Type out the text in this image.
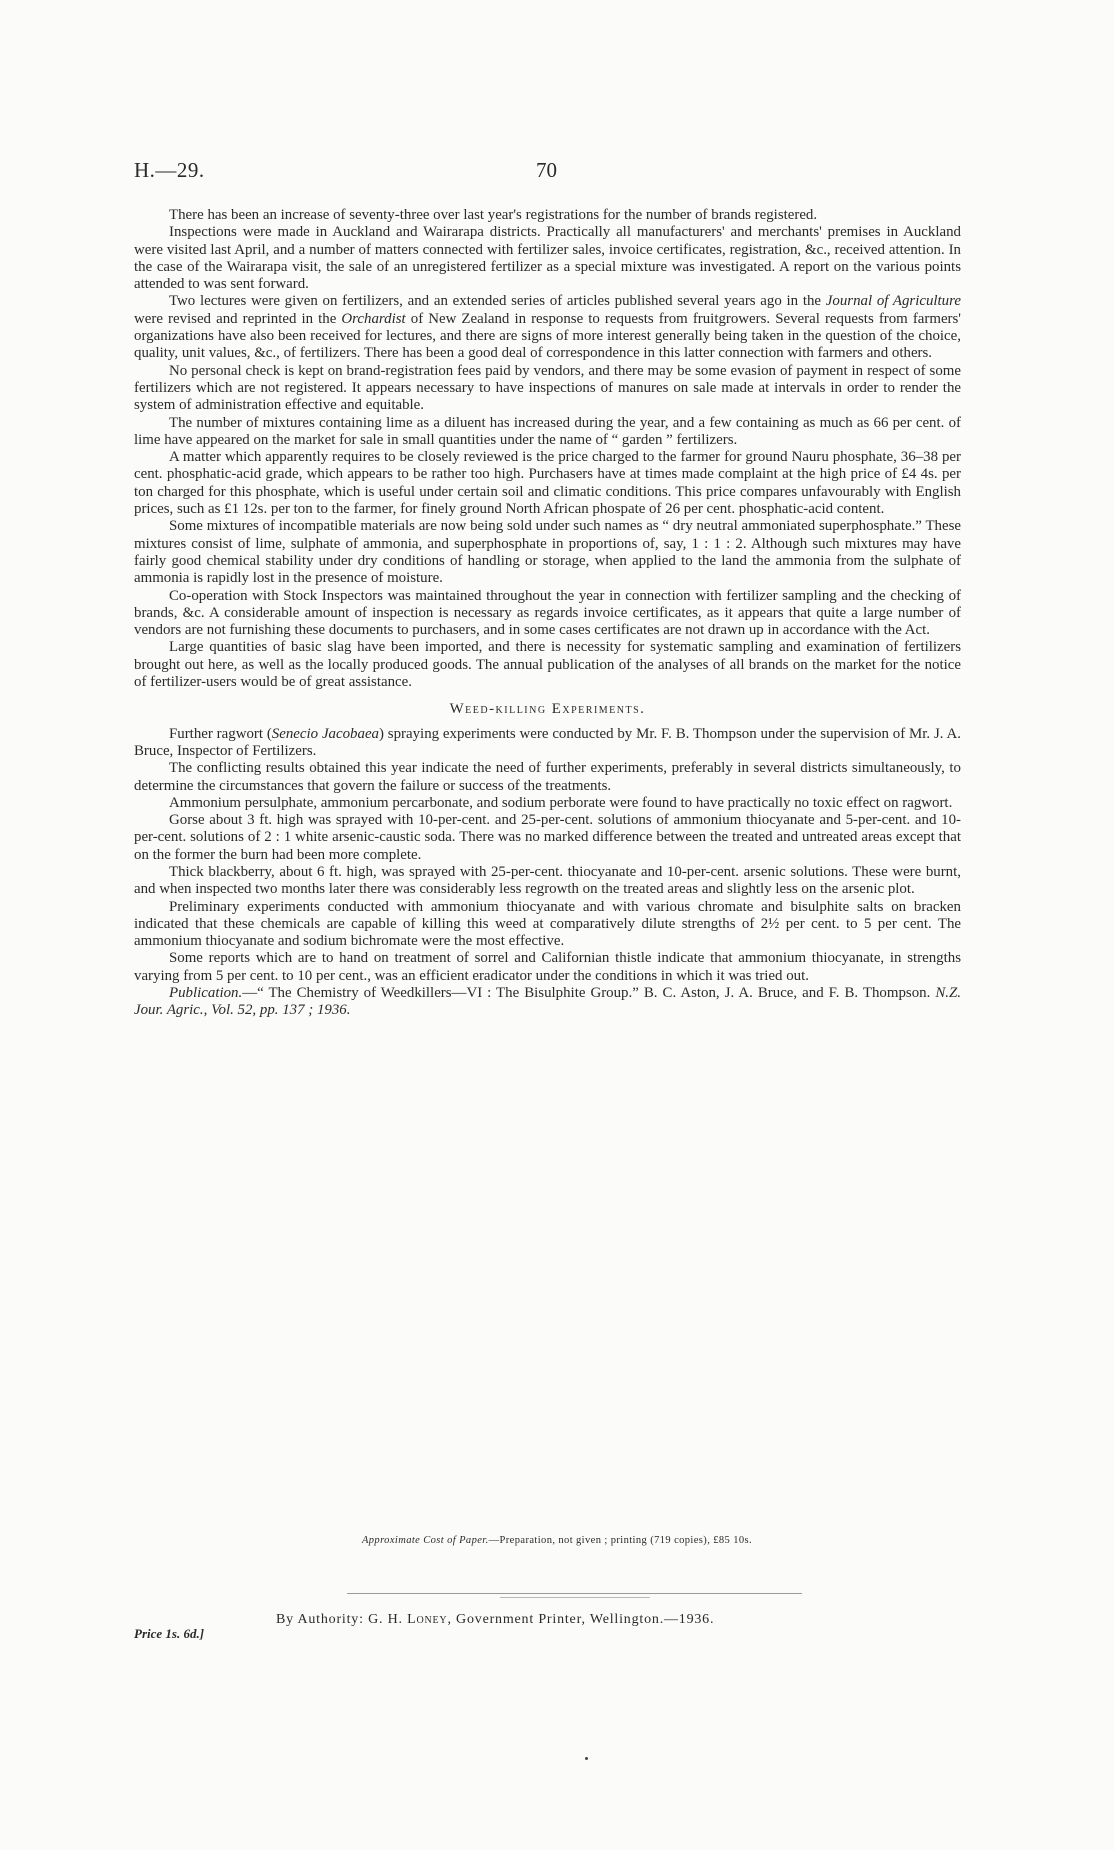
H.—29.	70

There has been an increase of seventy-three over last year's registrations for the number of brands registered.

Inspections were made in Auckland and Wairarapa districts. Practically all manufacturers' and merchants' premises in Auckland were visited last April, and a number of matters connected with fertilizer sales, invoice certificates, registration, &c., received attention. In the case of the Wairarapa visit, the sale of an unregistered fertilizer as a special mixture was investigated. A report on the various points attended to was sent forward.

Two lectures were given on fertilizers, and an extended series of articles published several years ago in the Journal of Agriculture were revised and reprinted in the Orchardist of New Zealand in response to requests from fruitgrowers. Several requests from farmers' organizations have also been received for lectures, and there are signs of more interest generally being taken in the question of the choice, quality, unit values, &c., of fertilizers. There has been a good deal of correspondence in this latter connection with farmers and others.

No personal check is kept on brand-registration fees paid by vendors, and there may be some evasion of payment in respect of some fertilizers which are not registered. It appears necessary to have inspections of manures on sale made at intervals in order to render the system of administration effective and equitable.

The number of mixtures containing lime as a diluent has increased during the year, and a few containing as much as 66 per cent. of lime have appeared on the market for sale in small quantities under the name of “ garden ” fertilizers.

A matter which apparently requires to be closely reviewed is the price charged to the farmer for ground Nauru phosphate, 36–38 per cent. phosphatic-acid grade, which appears to be rather too high. Purchasers have at times made complaint at the high price of £4 4s. per ton charged for this phosphate, which is useful under certain soil and climatic conditions. This price compares unfavourably with English prices, such as £1 12s. per ton to the farmer, for finely ground North African phospate of 26 per cent. phosphatic-acid content.

Some mixtures of incompatible materials are now being sold under such names as “ dry neutral ammoniated superphosphate.” These mixtures consist of lime, sulphate of ammonia, and superphosphate in proportions of, say, 1 : 1 : 2. Although such mixtures may have fairly good chemical stability under dry conditions of handling or storage, when applied to the land the ammonia from the sulphate of ammonia is rapidly lost in the presence of moisture.

Co-operation with Stock Inspectors was maintained throughout the year in connection with fertilizer sampling and the checking of brands, &c. A considerable amount of inspection is necessary as regards invoice certificates, as it appears that quite a large number of vendors are not furnishing these documents to purchasers, and in some cases certificates are not drawn up in accordance with the Act.

Large quantities of basic slag have been imported, and there is necessity for systematic sampling and examination of fertilizers brought out here, as well as the locally produced goods. The annual publication of the analyses of all brands on the market for the notice of fertilizer-users would be of great assistance.

Weed-killing Experiments.

Further ragwort (Senecio Jacobaea) spraying experiments were conducted by Mr. F. B. Thompson under the supervision of Mr. J. A. Bruce, Inspector of Fertilizers.

The conflicting results obtained this year indicate the need of further experiments, preferably in several districts simultaneously, to determine the circumstances that govern the failure or success of the treatments.

Ammonium persulphate, ammonium percarbonate, and sodium perborate were found to have practically no toxic effect on ragwort.

Gorse about 3 ft. high was sprayed with 10-per-cent. and 25-per-cent. solutions of ammonium thiocyanate and 5-per-cent. and 10-per-cent. solutions of 2 : 1 white arsenic-caustic soda. There was no marked difference between the treated and untreated areas except that on the former the burn had been more complete.

Thick blackberry, about 6 ft. high, was sprayed with 25-per-cent. thiocyanate and 10-per-cent. arsenic solutions. These were burnt, and when inspected two months later there was considerably less regrowth on the treated areas and slightly less on the arsenic plot.

Preliminary experiments conducted with ammonium thiocyanate and with various chromate and bisulphite salts on bracken indicated that these chemicals are capable of killing this weed at comparatively dilute strengths of 2½ per cent. to 5 per cent. The ammonium thiocyanate and sodium bichromate were the most effective.

Some reports which are to hand on treatment of sorrel and Californian thistle indicate that ammonium thiocyanate, in strengths varying from 5 per cent. to 10 per cent., was an efficient eradicator under the conditions in which it was tried out.

Publication.—“ The Chemistry of Weedkillers—VI : The Bisulphite Group.” B. C. Aston, J. A. Bruce, and F. B. Thompson. N.Z. Jour. Agric., Vol. 52, pp. 137 ; 1936.

Approximate Cost of Paper.—Preparation, not given ; printing (719 copies), £85 10s.
By Authority: G. H. Loney, Government Printer, Wellington.—1936.
Price 1s. 6d.]
